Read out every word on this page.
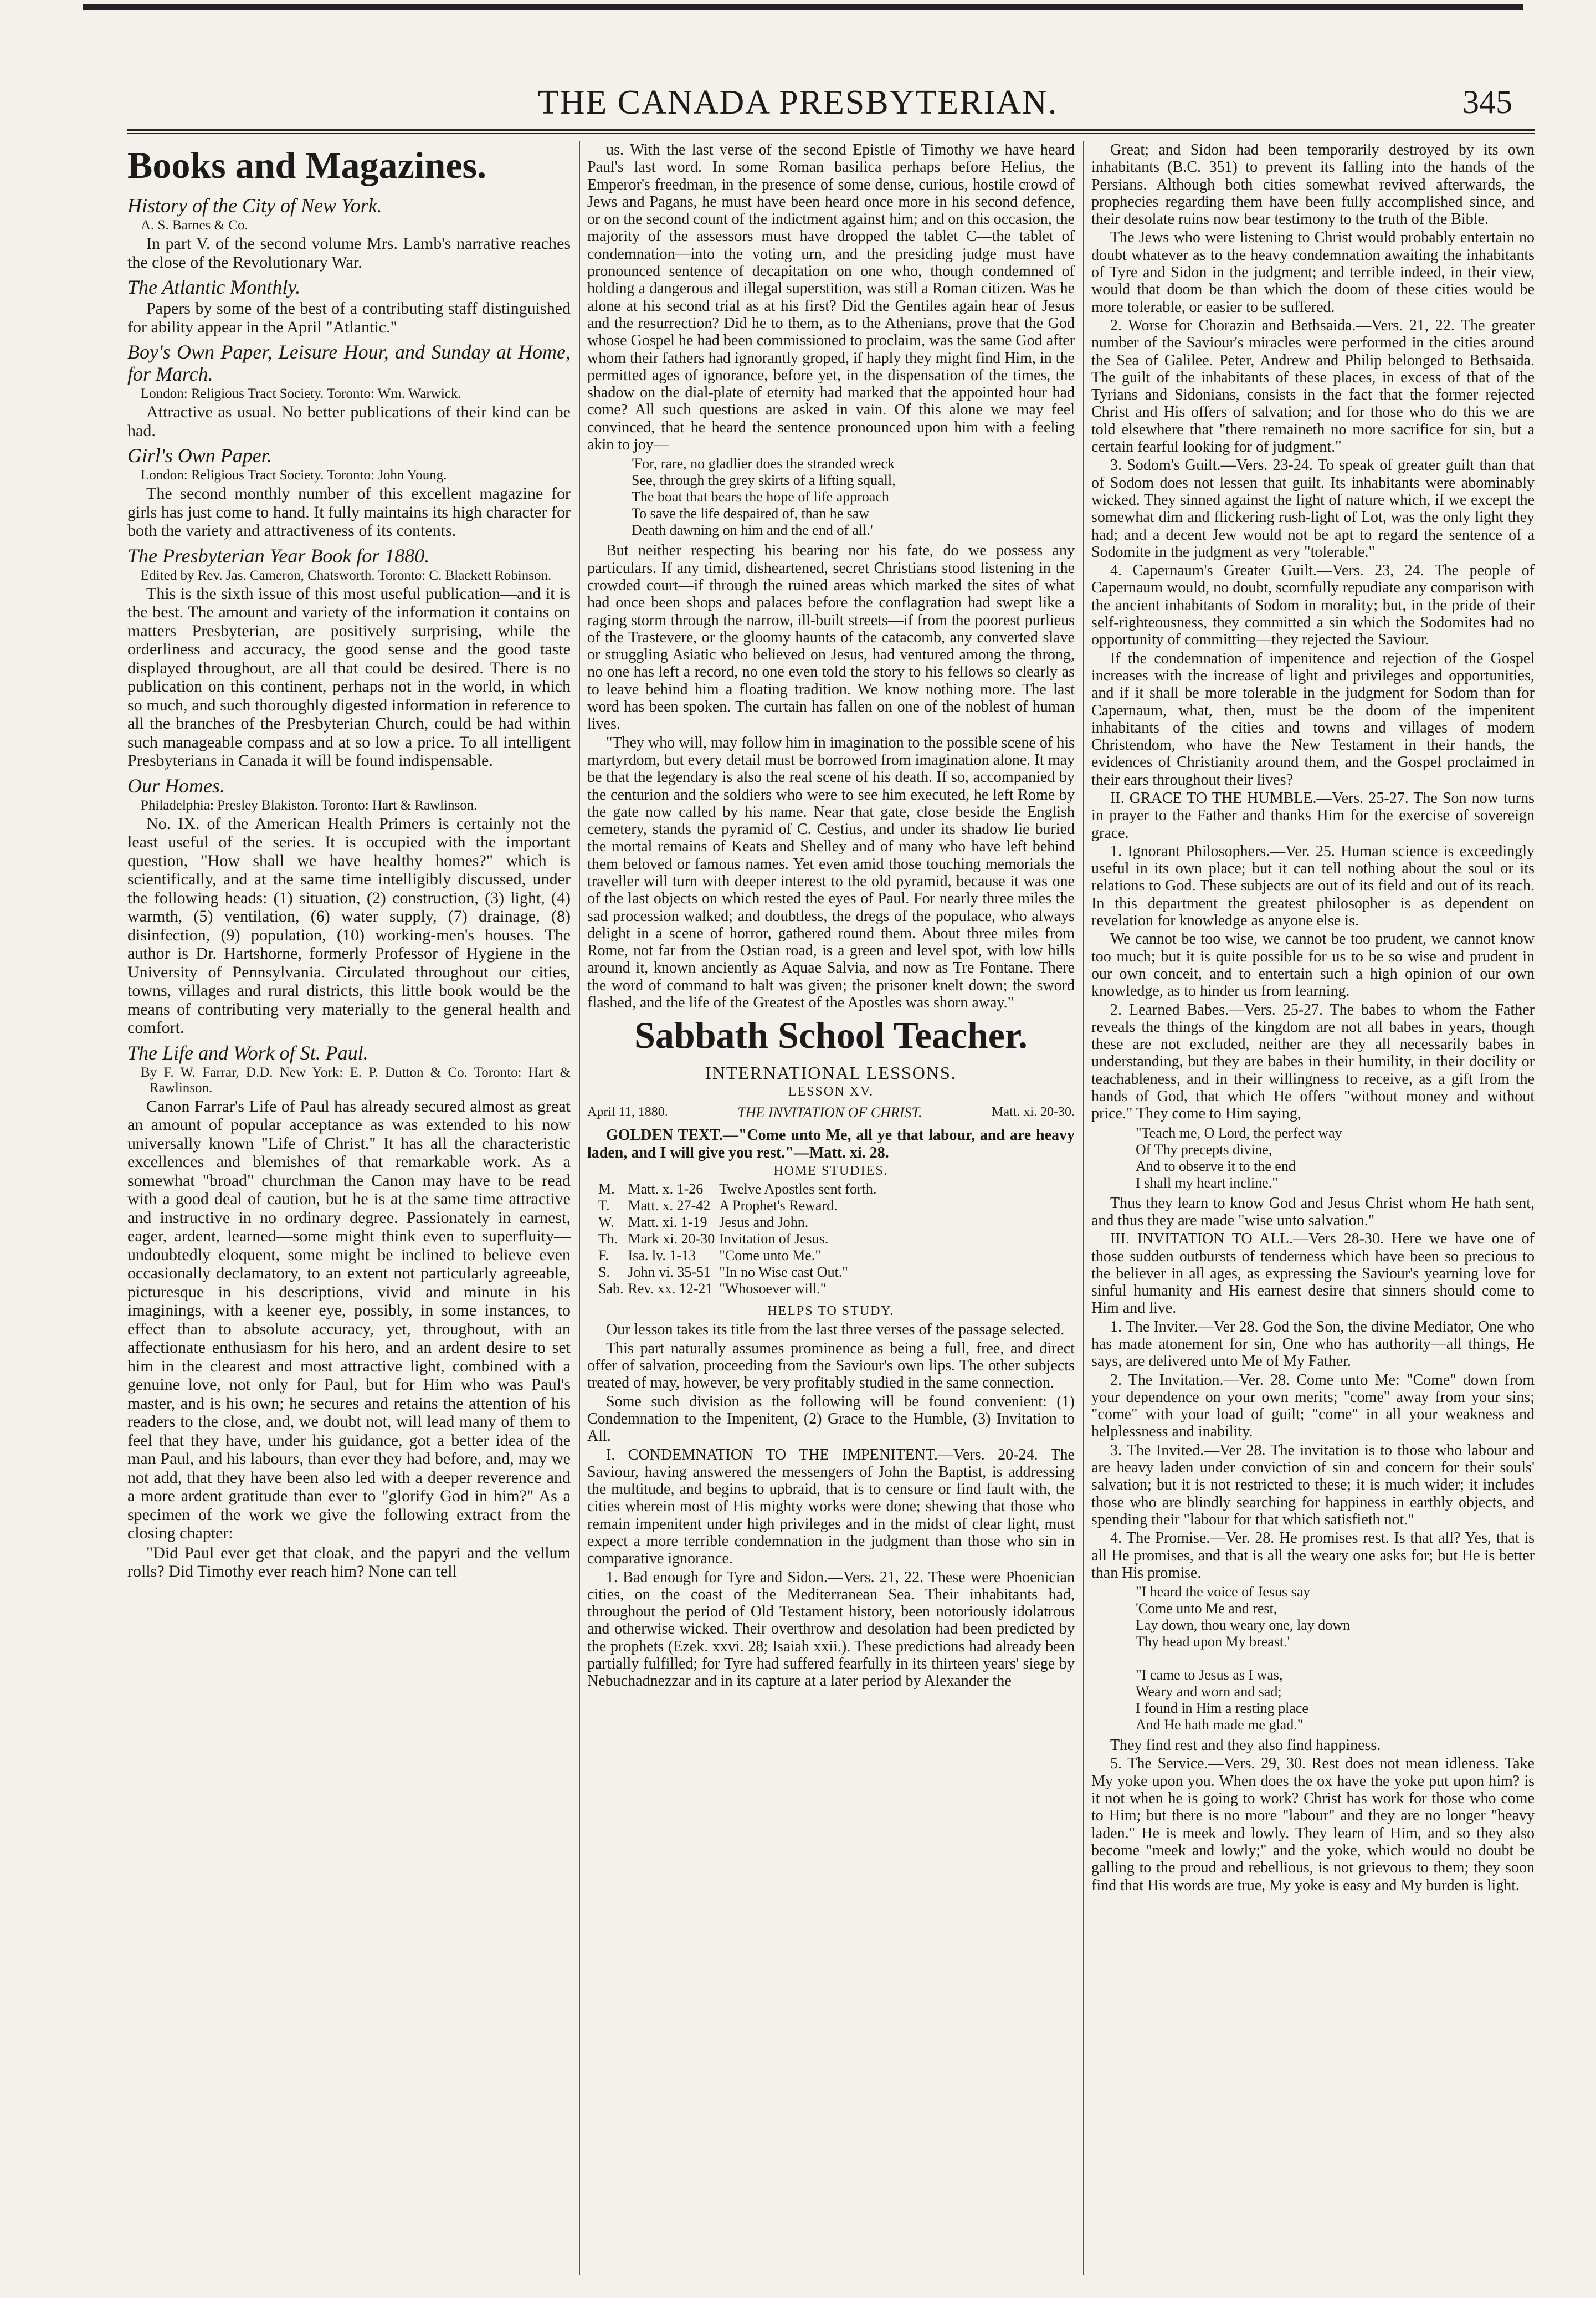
THE CANADA PRESBYTERIAN.	345
Books and Magazines.

History of the City of New York.

A. S. Barnes & Co.

In part V. of the second volume Mrs. Lamb's narrative reaches the close of the Revolutionary War.

The Atlantic Monthly.

Papers by some of the best of a contributing staff distinguished for ability appear in the April "Atlantic."

Boy's Own Paper, Leisure Hour, and Sunday at Home, for March.

London: Religious Tract Society. Toronto: Wm. Warwick.

Attractive as usual. No better publications of their kind can be had.

Girl's Own Paper.

London: Religious Tract Society. Toronto: John Young.

The second monthly number of this excellent magazine for girls has just come to hand. It fully maintains its high character for both the variety and attractiveness of its contents.

The Presbyterian Year Book for 1880.

Edited by Rev. Jas. Cameron, Chatsworth. Toronto: C. Blackett Robinson.

This is the sixth issue of this most useful publication—and it is the best. The amount and variety of the information it contains on matters Presbyterian, are positively surprising, while the orderliness and accuracy, the good sense and the good taste displayed throughout, are all that could be desired. There is no publication on this continent, perhaps not in the world, in which so much, and such thoroughly digested information in reference to all the branches of the Presbyterian Church, could be had within such manageable compass and at so low a price. To all intelligent Presbyterians in Canada it will be found indispensable.

Our Homes.

Philadelphia: Presley Blakiston. Toronto: Hart & Rawlinson.

No. IX. of the American Health Primers is certainly not the least useful of the series. It is occupied with the important question, "How shall we have healthy homes?" which is scientifically, and at the same time intelligibly discussed, under the following heads: (1) situation, (2) construction, (3) light, (4) warmth, (5) ventilation, (6) water supply, (7) drainage, (8) disinfection, (9) population, (10) working-men's houses. The author is Dr. Hartshorne, formerly Professor of Hygiene in the University of Pennsylvania. Circulated throughout our cities, towns, villages and rural districts, this little book would be the means of contributing very materially to the general health and comfort.

The Life and Work of St. Paul.

By F. W. Farrar, D.D. New York: E. P. Dutton & Co. Toronto: Hart & Rawlinson.

Canon Farrar's Life of Paul has already secured almost as great an amount of popular acceptance as was extended to his now universally known "Life of Christ." It has all the characteristic excellences and blemishes of that remarkable work. As a somewhat "broad" churchman the Canon may have to be read with a good deal of caution, but he is at the same time attractive and instructive in no ordinary degree. Passionately in earnest, eager, ardent, learned—some might think even to superfluity—undoubtedly eloquent, some might be inclined to believe even occasionally declamatory, to an extent not particularly agreeable, picturesque in his descriptions, vivid and minute in his imaginings, with a keener eye, possibly, in some instances, to effect than to absolute accuracy, yet, throughout, with an affectionate enthusiasm for his hero, and an ardent desire to set him in the clearest and most attractive light, combined with a genuine love, not only for Paul, but for Him who was Paul's master, and is his own; he secures and retains the attention of his readers to the close, and, we doubt not, will lead many of them to feel that they have, under his guidance, got a better idea of the man Paul, and his labours, than ever they had before, and, may we not add, that they have been also led with a deeper reverence and a more ardent gratitude than ever to "glorify God in him?" As a specimen of the work we give the following extract from the closing chapter:

"Did Paul ever get that cloak, and the papyri and the vellum rolls? Did Timothy ever reach him? None can tell

us. With the last verse of the second Epistle of Timothy we have heard Paul's last word. In some Roman basilica perhaps before Helius, the Emperor's freedman, in the presence of some dense, curious, hostile crowd of Jews and Pagans, he must have been heard once more in his second defence, or on the second count of the indictment against him; and on this occasion, the majority of the assessors must have dropped the tablet C—the tablet of condemnation—into the voting urn, and the presiding judge must have pronounced sentence of decapitation on one who, though condemned of holding a dangerous and illegal superstition, was still a Roman citizen. Was he alone at his second trial as at his first? Did the Gentiles again hear of Jesus and the resurrection? Did he to them, as to the Athenians, prove that the God whose Gospel he had been commissioned to proclaim, was the same God after whom their fathers had ignorantly groped, if haply they might find Him, in the permitted ages of ignorance, before yet, in the dispensation of the times, the shadow on the dial-plate of eternity had marked that the appointed hour had come? All such questions are asked in vain. Of this alone we may feel convinced, that he heard the sentence pronounced upon him with a feeling akin to joy—

'For, rare, no gladlier does the stranded wreck
See, through the grey skirts of a lifting squall,
The boat that bears the hope of life approach
To save the life despaired of, than he saw
Death dawning on him and the end of all.'

But neither respecting his bearing nor his fate, do we possess any particulars. If any timid, disheartened, secret Christians stood listening in the crowded court—if through the ruined areas which marked the sites of what had once been shops and palaces before the conflagration had swept like a raging storm through the narrow, ill-built streets—if from the poorest purlieus of the Trastevere, or the gloomy haunts of the catacomb, any converted slave or struggling Asiatic who believed on Jesus, had ventured among the throng, no one has left a record, no one even told the story to his fellows so clearly as to leave behind him a floating tradition. We know nothing more. The last word has been spoken. The curtain has fallen on one of the noblest of human lives.

"They who will, may follow him in imagination to the possible scene of his martyrdom, but every detail must be borrowed from imagination alone. It may be that the legendary is also the real scene of his death. If so, accompanied by the centurion and the soldiers who were to see him executed, he left Rome by the gate now called by his name. Near that gate, close beside the English cemetery, stands the pyramid of C. Cestius, and under its shadow lie buried the mortal remains of Keats and Shelley and of many who have left behind them beloved or famous names. Yet even amid those touching memorials the traveller will turn with deeper interest to the old pyramid, because it was one of the last objects on which rested the eyes of Paul. For nearly three miles the sad procession walked; and doubtless, the dregs of the populace, who always delight in a scene of horror, gathered round them. About three miles from Rome, not far from the Ostian road, is a green and level spot, with low hills around it, known anciently as Aquae Salvia, and now as Tre Fontane. There the word of command to halt was given; the prisoner knelt down; the sword flashed, and the life of the Greatest of the Apostles was shorn away."

Sabbath School Teacher.

INTERNATIONAL LESSONS.

LESSON XV.

April 11, 1880.	THE INVITATION OF CHRIST.	Matt. xi. 20-30.

GOLDEN TEXT.—"Come unto Me, all ye that labour, and are heavy laden, and I will give you rest."—Matt. xi. 28.

HOME STUDIES.

M.	Matt. x. 1-26	Twelve Apostles sent forth.
T.	Matt. x. 27-42	A Prophet's Reward.
W.	Matt. xi. 1-19	Jesus and John.
Th.	Mark xi. 20-30	Invitation of Jesus.
F.	Isa. lv. 1-13	"Come unto Me."
S.	John vi. 35-51	"In no Wise cast Out."
Sab.	Rev. xx. 12-21	"Whosoever will."

HELPS TO STUDY.

Our lesson takes its title from the last three verses of the passage selected.

This part naturally assumes prominence as being a full, free, and direct offer of salvation, proceeding from the Saviour's own lips. The other subjects treated of may, however, be very profitably studied in the same connection.

Some such division as the following will be found convenient: (1) Condemnation to the Impenitent, (2) Grace to the Humble, (3) Invitation to All.

I. CONDEMNATION TO THE IMPENITENT.—Vers. 20-24. The Saviour, having answered the messengers of John the Baptist, is addressing the multitude, and begins to upbraid, that is to censure or find fault with, the cities wherein most of His mighty works were done; shewing that those who remain impenitent under high privileges and in the midst of clear light, must expect a more terrible condemnation in the judgment than those who sin in comparative ignorance.

1. Bad enough for Tyre and Sidon.—Vers. 21, 22. These were Phoenician cities, on the coast of the Mediterranean Sea. Their inhabitants had, throughout the period of Old Testament history, been notoriously idolatrous and otherwise wicked. Their overthrow and desolation had been predicted by the prophets (Ezek. xxvi. 28; Isaiah xxii.). These predictions had already been partially fulfilled; for Tyre had suffered fearfully in its thirteen years' siege by Nebuchadnezzar and in its capture at a later period by Alexander the

Great; and Sidon had been temporarily destroyed by its own inhabitants (B.C. 351) to prevent its falling into the hands of the Persians. Although both cities somewhat revived afterwards, the prophecies regarding them have been fully accomplished since, and their desolate ruins now bear testimony to the truth of the Bible.

The Jews who were listening to Christ would probably entertain no doubt whatever as to the heavy condemnation awaiting the inhabitants of Tyre and Sidon in the judgment; and terrible indeed, in their view, would that doom be than which the doom of these cities would be more tolerable, or easier to be suffered.

2. Worse for Chorazin and Bethsaida.—Vers. 21, 22. The greater number of the Saviour's miracles were performed in the cities around the Sea of Galilee. Peter, Andrew and Philip belonged to Bethsaida. The guilt of the inhabitants of these places, in excess of that of the Tyrians and Sidonians, consists in the fact that the former rejected Christ and His offers of salvation; and for those who do this we are told elsewhere that "there remaineth no more sacrifice for sin, but a certain fearful looking for of judgment."

3. Sodom's Guilt.—Vers. 23-24. To speak of greater guilt than that of Sodom does not lessen that guilt. Its inhabitants were abominably wicked. They sinned against the light of nature which, if we except the somewhat dim and flickering rush-light of Lot, was the only light they had; and a decent Jew would not be apt to regard the sentence of a Sodomite in the judgment as very "tolerable."

4. Capernaum's Greater Guilt.—Vers. 23, 24. The people of Capernaum would, no doubt, scornfully repudiate any comparison with the ancient inhabitants of Sodom in morality; but, in the pride of their self-righteousness, they committed a sin which the Sodomites had no opportunity of committing—they rejected the Saviour.

If the condemnation of impenitence and rejection of the Gospel increases with the increase of light and privileges and opportunities, and if it shall be more tolerable in the judgment for Sodom than for Capernaum, what, then, must be the doom of the impenitent inhabitants of the cities and towns and villages of modern Christendom, who have the New Testament in their hands, the evidences of Christianity around them, and the Gospel proclaimed in their ears throughout their lives?

II. GRACE TO THE HUMBLE.—Vers. 25-27. The Son now turns in prayer to the Father and thanks Him for the exercise of sovereign grace.

1. Ignorant Philosophers.—Ver. 25. Human science is exceedingly useful in its own place; but it can tell nothing about the soul or its relations to God. These subjects are out of its field and out of its reach. In this department the greatest philosopher is as dependent on revelation for knowledge as anyone else is.

We cannot be too wise, we cannot be too prudent, we cannot know too much; but it is quite possible for us to be so wise and prudent in our own conceit, and to entertain such a high opinion of our own knowledge, as to hinder us from learning.

2. Learned Babes.—Vers. 25-27. The babes to whom the Father reveals the things of the kingdom are not all babes in years, though these are not excluded, neither are they all necessarily babes in understanding, but they are babes in their humility, in their docility or teachableness, and in their willingness to receive, as a gift from the hands of God, that which He offers "without money and without price." They come to Him saying,

"Teach me, O Lord, the perfect way
Of Thy precepts divine,
And to observe it to the end
I shall my heart incline."

Thus they learn to know God and Jesus Christ whom He hath sent, and thus they are made "wise unto salvation."

III. INVITATION TO ALL.—Vers 28-30. Here we have one of those sudden outbursts of tenderness which have been so precious to the believer in all ages, as expressing the Saviour's yearning love for sinful humanity and His earnest desire that sinners should come to Him and live.

1. The Inviter.—Ver 28. God the Son, the divine Mediator, One who has made atonement for sin, One who has authority—all things, He says, are delivered unto Me of My Father.

2. The Invitation.—Ver. 28. Come unto Me: "Come" down from your dependence on your own merits; "come" away from your sins; "come" with your load of guilt; "come" in all your weakness and helplessness and inability.

3. The Invited.—Ver 28. The invitation is to those who labour and are heavy laden under conviction of sin and concern for their souls' salvation; but it is not restricted to these; it is much wider; it includes those who are blindly searching for happiness in earthly objects, and spending their "labour for that which satisfieth not."

4. The Promise.—Ver. 28. He promises rest. Is that all? Yes, that is all He promises, and that is all the weary one asks for; but He is better than His promise.

"I heard the voice of Jesus say
'Come unto Me and rest,
Lay down, thou weary one, lay down
Thy head upon My breast.'

"I came to Jesus as I was,
Weary and worn and sad;
I found in Him a resting place
And He hath made me glad."

They find rest and they also find happiness.

5. The Service.—Vers. 29, 30. Rest does not mean idleness. Take My yoke upon you. When does the ox have the yoke put upon him? is it not when he is going to work? Christ has work for those who come to Him; but there is no more "labour" and they are no longer "heavy laden." He is meek and lowly. They learn of Him, and so they also become "meek and lowly;" and the yoke, which would no doubt be galling to the proud and rebellious, is not grievous to them; they soon find that His words are true, My yoke is easy and My burden is light.
